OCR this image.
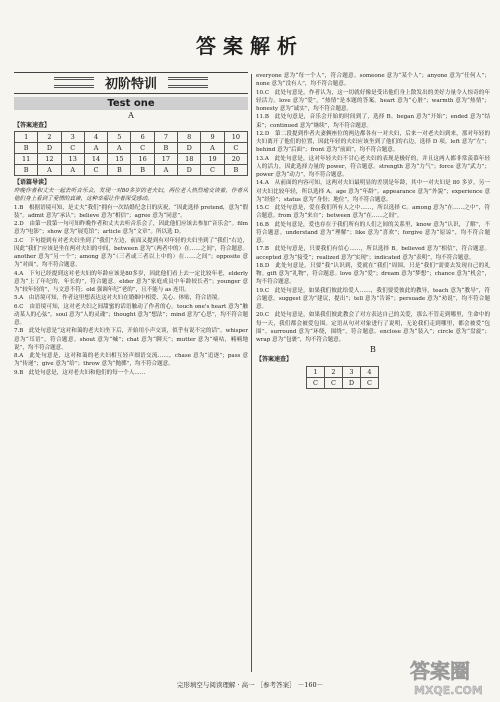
答案解析
初阶特训
Test one
A
【答案速查】
1	2	3	4	5	6	7	8	9	10
B	D	C	A	A	C	B	D	A	C
11	12	13	14	15	16	17	18	19	20
B	A	A	C	B	B	A	D	C	B
【语篇导读】

昨晚作者和丈夫一起去听音乐会，发现一对80多岁的老夫妇，两位老人热烈地交谈着，作者从他们身上看到了爱情的真谛，这种幸福让作者深受感动。

1.B　根据语境可知，是丈夫“我们”拥有一次结婚纪念日的庆祝，“因此选择 pretend，意为“假装”。admit 意为“承认”；believe 意为“相信”；agree 意为“同意”。

2.D　由第一段第一句可知昨晚作者和丈夫去听音乐会了，因此他们应该去参加“音乐会”。film 意为“电影”；show 意为“展览馆”；article 意为“文章”。所以选 D。

3.C　下句提到有对老夫妇坐到了“我们”左边，前面又提到有对年轻的夫妇坐到了“我们”右边，因此“我们”应该是坐在两对夫妇的中间，between 意为“（两者中的）在……之间”，符合题意。another 意为“另一个”；among 意为“（三者或三者以上中的）在……之间”；opposite 意为“对面”，均不符合题意。

4.A　下句已经提到这对老夫妇的年龄应该是80多岁，因此他们看上去一定比较年老，elderly 意为“上了年纪的，年长的”，符合题意。elder 意为“家庭成员中年龄较长者”；younger 意为“较年轻的”，与文意不符；old 强调年纪“老的”，且不能与 as 连用。

5.A　由语境可知，作者这里想表达这对夫妇在婚姻中相爱、关心、体贴，符合语境。

6.C　由语境可知，这对老夫妇之间甜蜜的话语触动了作者的心。touch one's heart 意为“触动某人的心弦”，soul 意为“人的灵魂”；thought 意为“想法”；mind 意为“心思”，均不符合题意。

7.B　此处句意是“这对和蔼的老夫妇坐下后，开始用小声交谈，似乎有说不完的话”。whisper 意为“耳语”，符合题意。shout 意为“喊”；chat 意为“聊天”；mutter 意为“嘀咕，喃喃地说”，均不符合题意。

8.A　此处句意是，这对和蔼的老夫妇相互轻声细语交流……，chase 意为“追逐”；pass 意为“传递”；give 意为“给”；throw 意为“抛掷”，均不符合题意。

9.B　此处句意是，这对老夫妇和他们的每一个人……

everyone 意为“每一个人”，符合题意。someone 意为“某个人”；anyone 意为“任何人”；none 意为“没有人”，均不符合题意。

10.C　此处句意是，作者认为，这一切就好像是受出他们身上散发出的美好力量令人惊奇的年轻活力。love 意为“爱”，“热情”是本题的答案。heart 意为“心脏”；warmth 意为“热情”；honesty 意为“诚实”，均不符合题意。

11.B　此处句意是，音乐会开始的时间到了，选择 B。began 意为“开始”；ended 意为“结束”；continued 意为“继续”，均不符合题意。

12.D　第二段提到作者夫妻俩座位的两边都各有一对夫妇，后来一对老夫妇到来，那对年轻的夫妇离开了他们的位置，因此年轻的夫妇应该坐到了他们的右边，选择 D 项。left 意为“左”；behind 意为“后面”；front 意为“前面”，均不符合题意。

13.A　此处句意是，这对年轻夫妇不甘心老夫妇的表现是极好的，并且这两人都非常羡慕年轻人的活力，因此选择力量的 power，符合题意。strength 意为“力气”；force 意为“武力”；power 意为“动力”，均不符合题意。

14.A　从前面的内容可知，这两对夫妇最明显的差别是年龄，其中一对夫妇是 80 多岁，另一对夫妇比较年轻，所以选择 A。age 意为“年龄”。appearance 意为“外貌”；experience 意为“经验”；status 意为“身份；地位”，均不符合题意。

15.C　此处句意是，爱在我们所有人之中……，所以选择 C。among 意为“在……之中”，符合题意。from 意为“来自”；between 意为“在……之间”。

16.B　此处句意是，爱也存在于我们所有的人们之间的关系里，know 意为“认识，了解”，不符合题意。understand 意为“理解”；like 意为“喜欢”；forgive 意为“原谅”，均不符合题意。

17.B　此处句意是，只要我们有信心……，所以选择 B。believed 意为“相信”，符合题意。accepted 意为“接受”；realized 意为“实现”；indicated 意为“表明”，均不符合题意。

18.D　此处句意是，只要“我”认识到，爱就在“我们”周围，只是“我们”需要去发现自己的礼物。gift 意为“礼物”，符合题意。love 意为“爱”；dream 意为“梦想”；chance 意为“机会”，均不符合题意。

19.C　此处句意是，如果我们彼此给爱人……，我们要爱彼此的教导，teach 意为“教导”，符合题意。suggest 意为“建议，提出”；tell 意为“告诉”；persuade 意为“劝说”，均不符合题意。

20.C　此处句意是，如果我们彼此教会了对方表达自己的关爱，那么不管走到哪里，生命中的每一天，我们都会被爱包围。定语从句对对象进行了说明，无论我们走到哪里，都会被爱“包围”。surround 意为“环绕，围绕”，符合题意。enclose 意为“装入”；circle 意为“盘旋”；wrap 意为“包裹”，均不符合题意。

B
【答案速查】
1	2	3	4
C	C	D	C
完形填空与阅读理解 · 高一 ［参考答案］ －160－
答案圈
MXQE.COM
